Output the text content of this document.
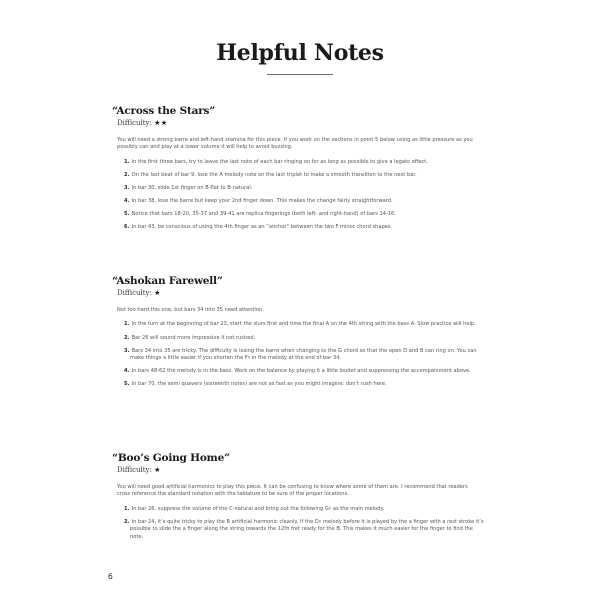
Helpful Notes
“Across the Stars”
Difficulty: ★★

You will need a strong barre and left-hand stamina for this piece. If you work on the sections in point 5 below using as little pressure as you possibly can and play at a lower volume it will help to avoid buzzing.

1. In the first three bars, try to leave the last note of each bar ringing on for as long as possible to give a legato effect.
2. On the last beat of bar 9, lose the A melody note on the last triplet to make a smooth transition to the next bar.
3. In bar 30, slide 1st finger on B-flat to B-natural.
4. In bar 38, lose the barre but keep your 2nd finger down. This makes the change fairly straightforward.
5. Notice that bars 18-20, 35-37 and 39-41 are replica fingerings (both left- and right-hand) of bars 14-16.
6. In bar 43, be conscious of using the 4th finger as an “anchor” between the two F minor chord shapes.
“Ashokan Farewell”
Difficulty: ★

Not too hard this one, but bars 34 into 35 need attention.

1. In the turn at the beginning of bar 23, start the slurs first and time the final A on the 4th string with the bass A. Slow practice will help.
2. Bar 26 will sound more impressive if not rushed.
3. Bars 34 into 35 are tricky. The difficulty is losing the barre when changing to the G chord so that the open D and B can ring on. You can make things a little easier if you shorten the F♯ in the melody at the end of bar 34.
4. In bars 48-62 the melody is in the bass. Work on the balance by playing it a little louder and suppressing the accompaniment above.
5. In bar 70, the semi quavers (sixteenth notes) are not as fast as you might imagine: don’t rush here.
“Boo’s Going Home”
Difficulty: ★

You will need good artificial harmonics to play this piece. It can be confusing to know where some of them are. I recommend that readers cross reference the standard notation with the tablature to be sure of the proper locations.

1. In bar 26, suppress the volume of the C-natural and bring out the following G♯ as the main melody.
2. In bar 24, it’s quite tricky to play the B artificial harmonic cleanly. If the D♯ melody before it is played by the a finger with a rest stroke it’s possible to slide the a finger along the string towards the 12th fret ready for the B. This makes it much easier for the finger to find the note.
6
